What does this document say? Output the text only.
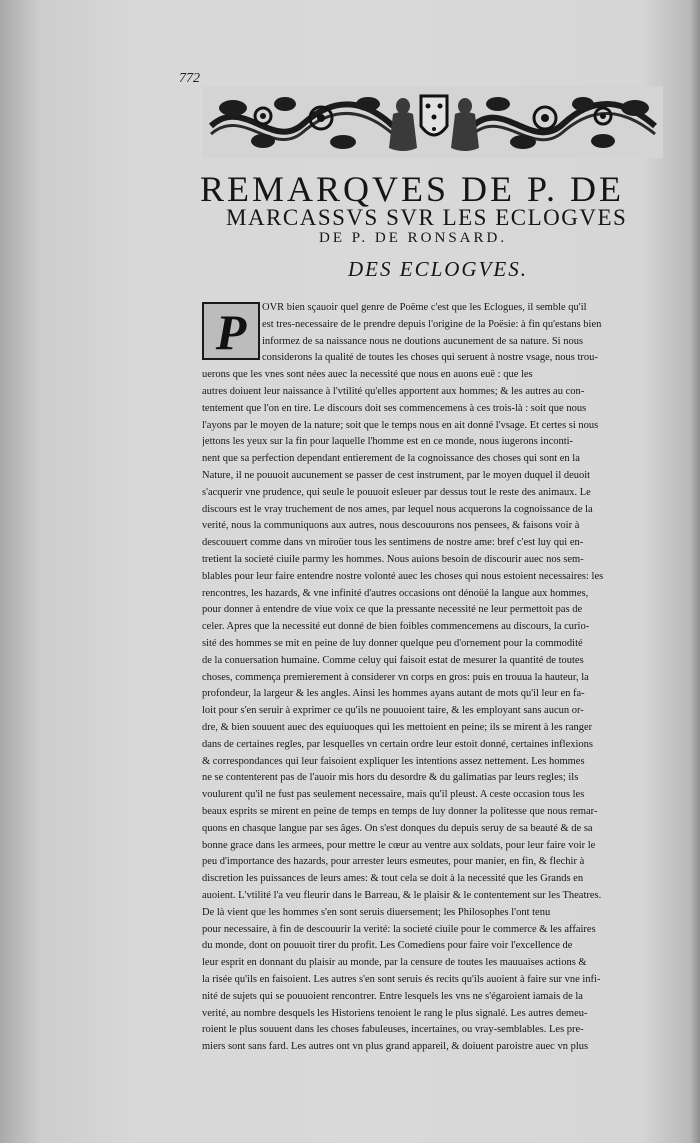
772
REMARQVES DE P. DE
MARCASSVS SVR LES ECLOGVES
DE P. DE RONSARD.
DES ECLOGVES.
P	OVR bien sçauoir quel genre de Poëme c'est que les Eclogues, il semble qu'il
est tres-necessaire de le prendre depuis l'origine de la Poësie: à fin qu'estans bien
informez de sa naissance nous ne doutions aucunement de sa nature. Si nous
considerons la qualité de toutes les choses qui seruent à nostre vsage, nous trou-
uerons que les vnes sont nées auec la necessité que nous en auons euë : que les
autres doiuent leur naissance à l'vtilité qu'elles apportent aux hommes; & les autres au con-
tentement que l'on en tire. Le discours doit ses commencemens à ces trois-là : soit que nous
l'ayons par le moyen de la nature; soit que le temps nous en ait donné l'vsage. Et certes si nous
jettons les yeux sur la fin pour laquelle l'homme est en ce monde, nous iugerons inconti-
nent que sa perfection dependant entierement de la cognoissance des choses qui sont en la
Nature, il ne pouuoit aucunement se passer de cest instrument, par le moyen duquel il deuoit
s'acquerir vne prudence, qui seule le pouuoit esleuer par dessus tout le reste des animaux. Le
discours est le vray truchement de nos ames, par lequel nous acquerons la cognoissance de la
verité, nous la communiquons aux autres, nous descouurons nos pensees, & faisons voir à
descouuert comme dans vn miroüer tous les sentimens de nostre ame: bref c'est luy qui en-
tretient la societé ciuile parmy les hommes. Nous auions besoin de discourir auec nos sem-
blables pour leur faire entendre nostre volonté auec les choses qui nous estoient necessaires: les
rencontres, les hazards, & vne infinité d'autres occasions ont dénoüé la langue aux hommes,
pour donner à entendre de viue voix ce que la pressante necessité ne leur permettoit pas de
celer. Apres que la necessité eut donné de bien foibles commencemens au discours, la curio-
sité des hommes se mit en peine de luy donner quelque peu d'ornement pour la commodité
de la conuersation humaine. Comme celuy qui faisoit estat de mesurer la quantité de toutes
choses, commença premierement à considerer vn corps en gros: puis en trouua la hauteur, la
profondeur, la largeur & les angles. Ainsi les hommes ayans autant de mots qu'il leur en fa-
loit pour s'en seruir à exprimer ce qu'ils ne pouuoient taire, & les employant sans aucun or-
dre, & bien souuent auec des equiuoques qui les mettoient en peine; ils se mirent à les ranger
dans de certaines regles, par lesquelles vn certain ordre leur estoit donné, certaines inflexions
& correspondances qui leur faisoient expliquer les intentions assez nettement. Les hommes
ne se contenterent pas de l'auoir mis hors du desordre & du galimatias par leurs regles; ils
voulurent qu'il ne fust pas seulement necessaire, mais qu'il pleust. A ceste occasion tous les
beaux esprits se mirent en peine de temps en temps de luy donner la politesse que nous remar-
quons en chasque langue par ses âges. On s'est donques du depuis seruy de sa beauté & de sa
bonne grace dans les armees, pour mettre le cœur au ventre aux soldats, pour leur faire voir le
peu d'importance des hazards, pour arrester leurs esmeutes, pour manier, en fin, & flechir à
discretion les puissances de leurs ames: & tout cela se doit à la necessité que les Grands en
auoient. L'vtilité l'a veu fleurir dans le Barreau, & le plaisir & le contentement sur les Theatres.
De là vient que les hommes s'en sont seruis diuersement; les Philosophes l'ont tenu
pour necessaire, à fin de descouurir la verité: la societé ciuile pour le commerce & les affaires
du monde, dont on pouuoit tirer du profit. Les Comediens pour faire voir l'excellence de
leur esprit en donnant du plaisir au monde, par la censure de toutes les mauuaises actions &
la risée qu'ils en faisoient. Les autres s'en sont seruis és recits qu'ils auoient à faire sur vne infi-
nité de sujets qui se pouuoient rencontrer. Entre lesquels les vns ne s'égaroient iamais de la
verité, au nombre desquels les Historiens tenoient le rang le plus signalé. Les autres demeu-
roient le plus souuent dans les choses fabuleuses, incertaines, ou vray-semblables. Les pre-
miers sont sans fard. Les autres ont vn plus grand appareil, & doiuent paroistre auec vn plus
